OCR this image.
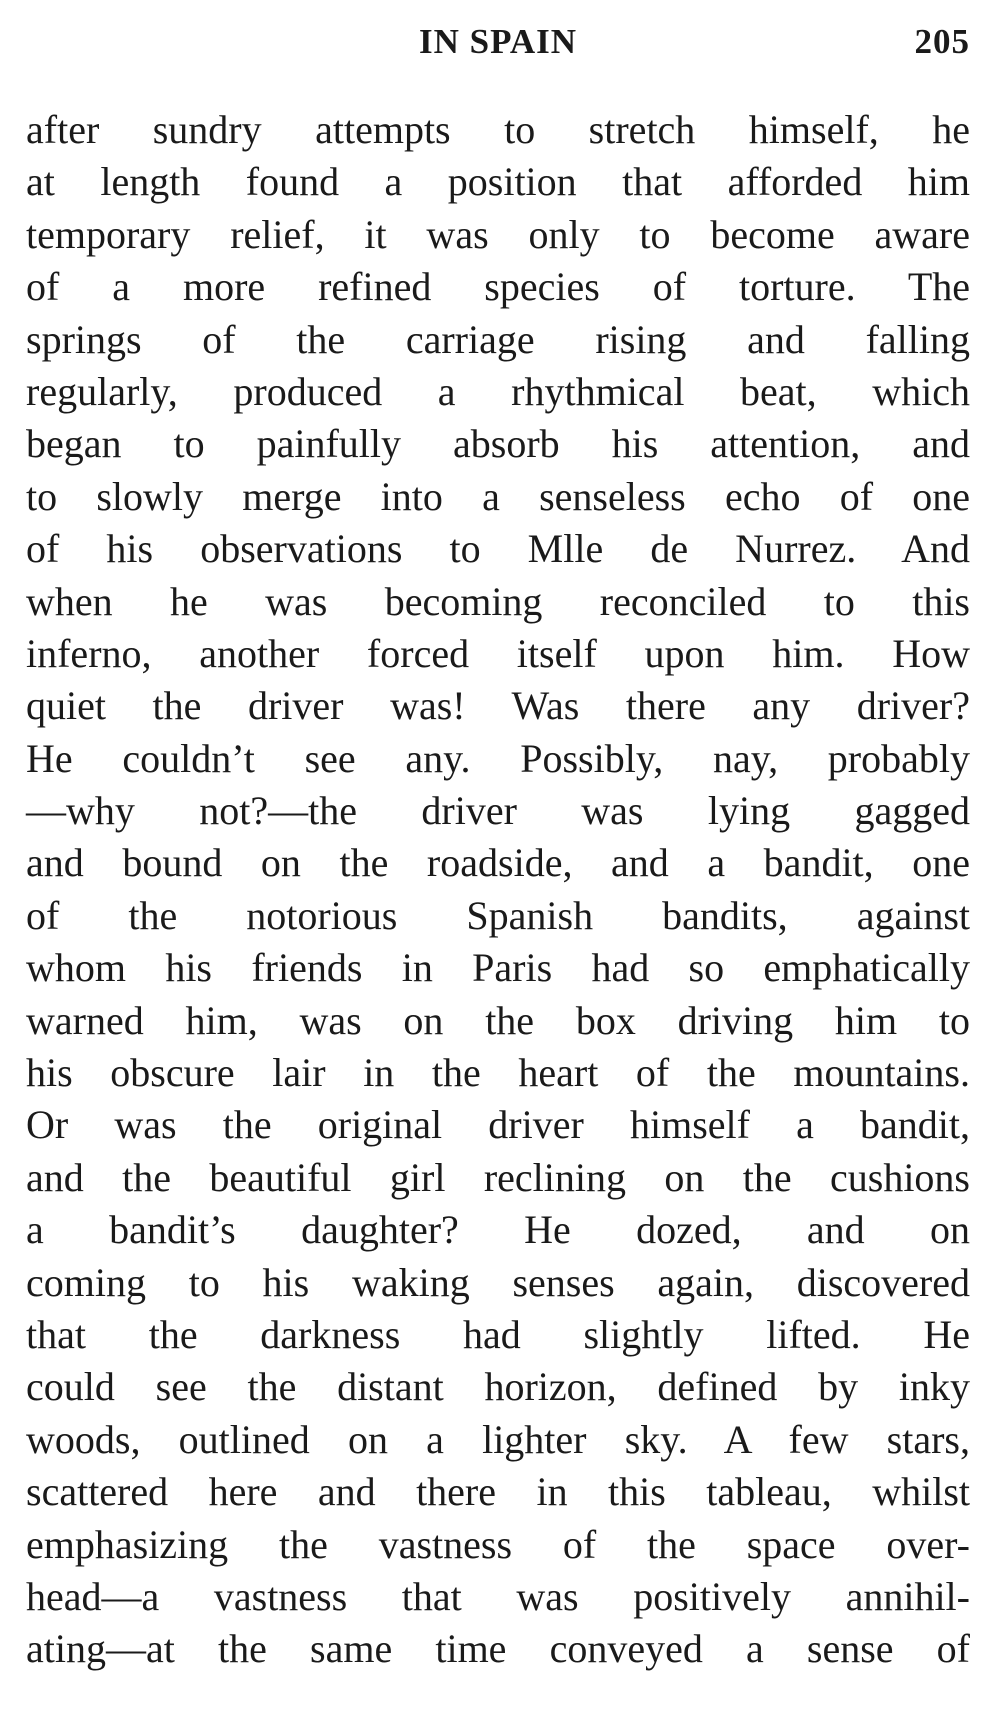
IN SPAIN	205
after sundry attempts to stretch himself, he
at length found a position that afforded him
temporary relief, it was only to become aware
of a more refined species of torture. The
springs of the carriage rising and falling
regularly, produced a rhythmical beat, which
began to painfully absorb his attention, and
to slowly merge into a senseless echo of one
of his observations to Mlle de Nurrez. And
when he was becoming reconciled to this
inferno, another forced itself upon him. How
quiet the driver was! Was there any driver?
He couldn’t see any. Possibly, nay, probably
—why not?—the driver was lying gagged
and bound on the roadside, and a bandit, one
of the notorious Spanish bandits, against
whom his friends in Paris had so emphatically
warned him, was on the box driving him to
his obscure lair in the heart of the mountains.
Or was the original driver himself a bandit,
and the beautiful girl reclining on the cushions
a bandit’s daughter? He dozed, and on
coming to his waking senses again, discovered
that the darkness had slightly lifted. He
could see the distant horizon, defined by inky
woods, outlined on a lighter sky. A few stars,
scattered here and there in this tableau, whilst
emphasizing the vastness of the space over-
head—a vastness that was positively annihil-
ating—at the same time conveyed a sense of
